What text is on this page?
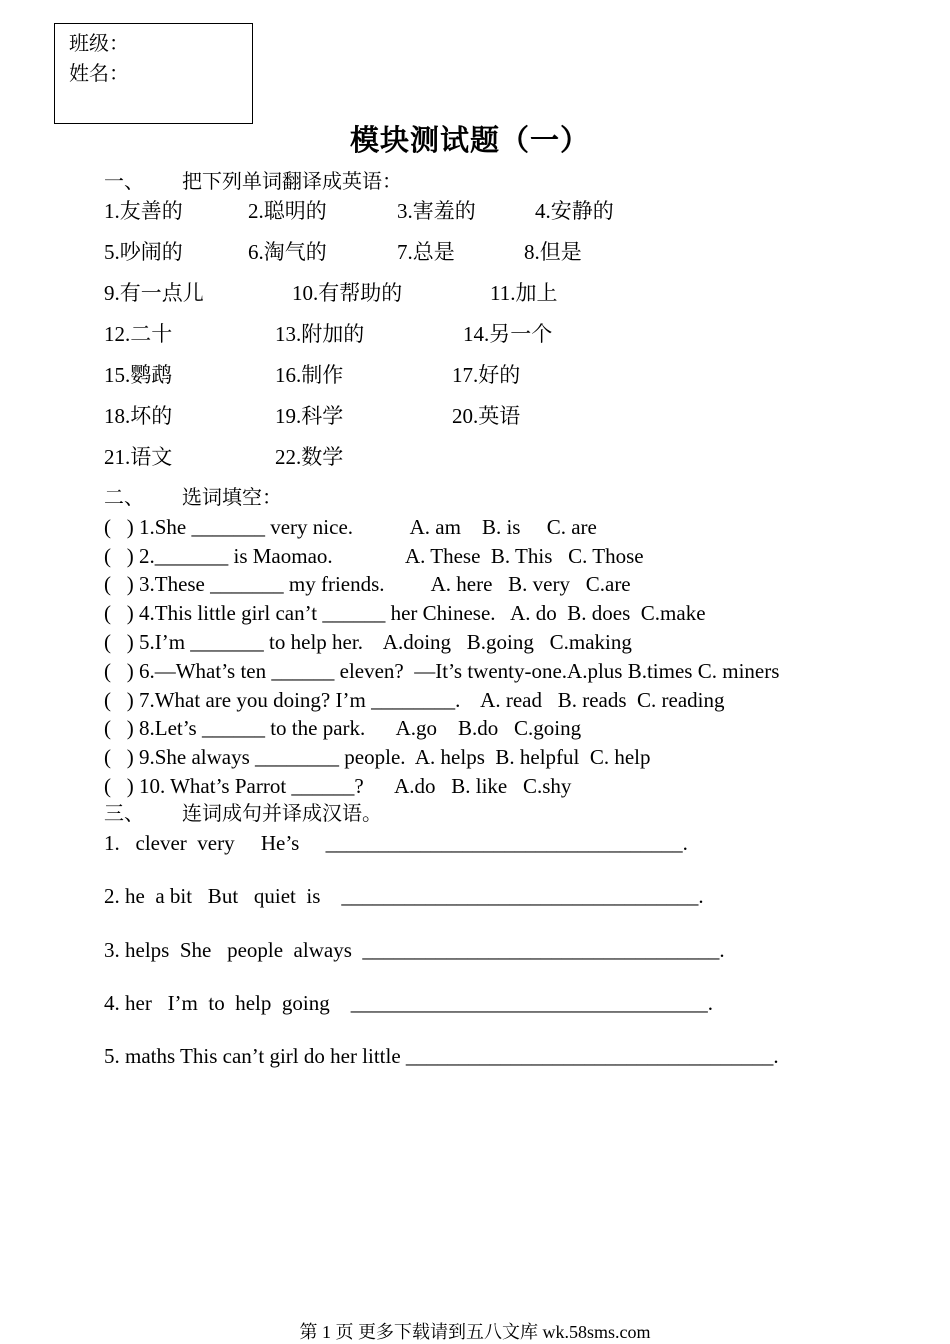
班级：
姓名：
模块测试题（一）
一、 把下列单词翻译成英语：
1.友善的	2.聪明的	3.害羞的	4.安静的
5.吵闹的	6.淘气的	7.总是	8.但是
9.有一点儿	10.有帮助的	11.加上
12.二十	13.附加的	14.另一个
15.鹦鹉	16.制作	17.好的
18.坏的	19.科学	20.英语
21.语文	22.数学
二、 选词填空：
(   ) 1.She _______ very nice.           A. am    B. is     C. are
(   ) 2._______ is Maomao.              A. These  B. This   C. Those
(   ) 3.These _______ my friends.         A. here   B. very   C.are
(   ) 4.This little girl can’t ______ her Chinese.   A. do  B. does  C.make
(   ) 5.I’m _______ to help her.    A.doing   B.going   C.making
(   ) 6.—What’s ten ______ eleven?  —It’s twenty-one.A.plus B.times C. miners
(   ) 7.What are you doing? I’m ________.    A. read   B. reads  C. reading
(   ) 8.Let’s ______ to the park.      A.go    B.do   C.going
(   ) 9.She always ________ people.  A. helps  B. helpful  C. help
(   ) 10. What’s Parrot ______?      A.do   B. like   C.shy
三、 连词成句并译成汉语。
1.   clever  very     He’s     __________________________________.
2. he  a bit   But   quiet  is    __________________________________.
3. helps  She   people  always  __________________________________.
4. her   I’m  to  help  going    __________________________________.
5. maths This can’t girl do her little ___________________________________.
第 1 页 更多下载请到五八文库 wk.58sms.com
